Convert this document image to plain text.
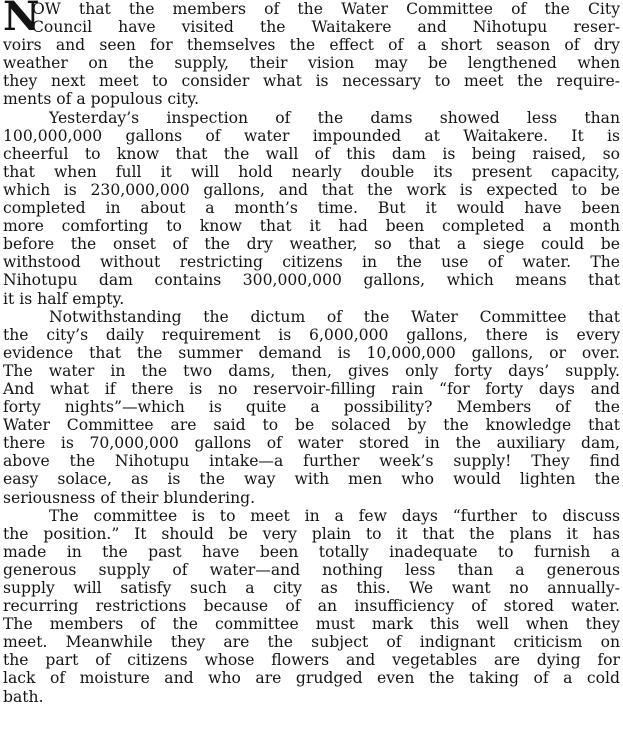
N
OW that the members of the Water Committee of the City
Council have visited the Waitakere and Nihotupu reser-
voirs and seen for themselves the effect of a short season of dry
weather on the supply, their vision may be lengthened when
they next meet to consider what is necessary to meet the require-
ments of a populous city.
Yesterday’s inspection of the dams showed less than
100,000,000 gallons of water impounded at Waitakere. It is
cheerful to know that the wall of this dam is being raised, so
that when full it will hold nearly double its present capacity,
which is 230,000,000 gallons, and that the work is expected to be
completed in about a month’s time. But it would have been
more comforting to know that it had been completed a month
before the onset of the dry weather, so that a siege could be
withstood without restricting citizens in the use of water. The
Nihotupu dam contains 300,000,000 gallons, which means that
it is half empty.
Notwithstanding the dictum of the Water Committee that
the city’s daily requirement is 6,000,000 gallons, there is every
evidence that the summer demand is 10,000,000 gallons, or over.
The water in the two dams, then, gives only forty days’ supply.
And what if there is no reservoir-filling rain “for forty days and
forty nights”—which is quite a possibility? Members of the
Water Committee are said to be solaced by the knowledge that
there is 70,000,000 gallons of water stored in the auxiliary dam,
above the Nihotupu intake—a further week’s supply! They find
easy solace, as is the way with men who would lighten the
seriousness of their blundering.
The committee is to meet in a few days “further to discuss
the position.” It should be very plain to it that the plans it has
made in the past have been totally inadequate to furnish a
generous supply of water—and nothing less than a generous
supply will satisfy such a city as this. We want no annually-
recurring restrictions because of an insufficiency of stored water.
The members of the committee must mark this well when they
meet. Meanwhile they are the subject of indignant criticism on
the part of citizens whose flowers and vegetables are dying for
lack of moisture and who are grudged even the taking of a cold
bath.
